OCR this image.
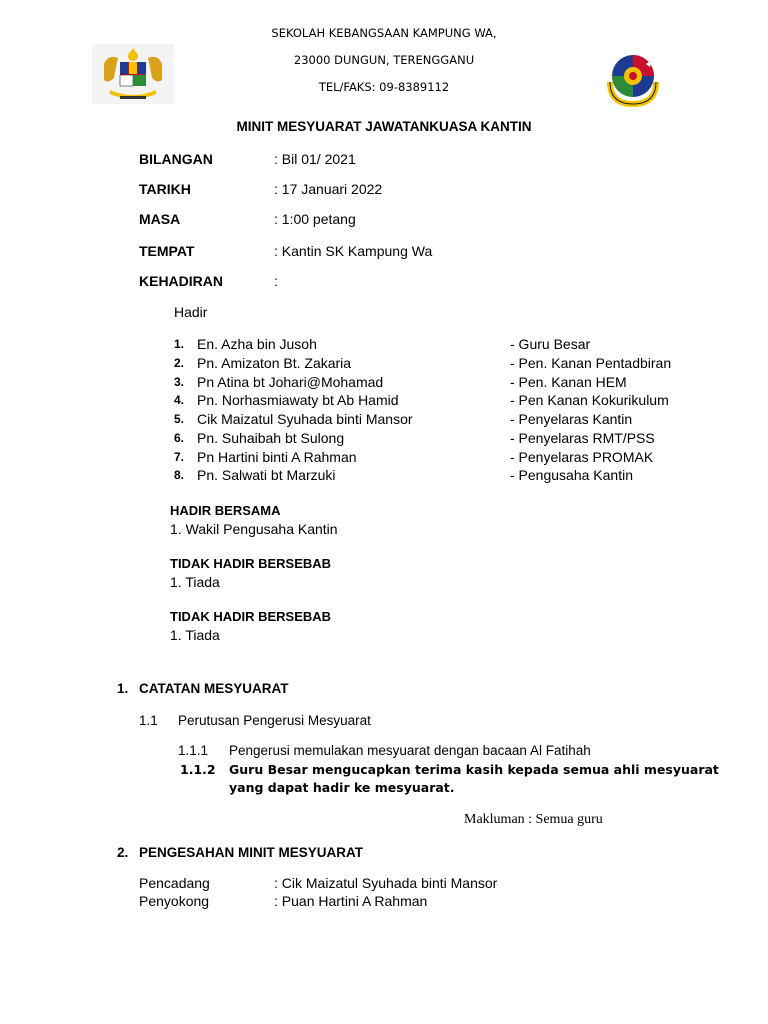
SEKOLAH KEBANGSAAN KAMPUNG WA,
23000 DUNGUN, TERENGGANU
TEL/FAKS: 09-8389112
MINIT MESYUARAT JAWATANKUASA KANTIN
BILANGAN	: Bil 01/ 2021
TARIKH	: 17 Januari 2022
MASA	: 1:00 petang
TEMPAT	: Kantin SK Kampung Wa
KEHADIRAN	:
Hadir
1. En. Azha bin Jusoh	- Guru Besar
2. Pn. Amizaton Bt. Zakaria	- Pen. Kanan Pentadbiran
3. Pn Atina bt Johari@Mohamad	- Pen. Kanan HEM
4. Pn. Norhasmiawaty bt Ab Hamid	- Pen Kanan Kokurikulum
5. Cik Maizatul Syuhada binti Mansor	- Penyelaras Kantin
6. Pn. Suhaibah bt Sulong	- Penyelaras RMT/PSS
7. Pn Hartini binti A Rahman	- Penyelaras PROMAK
8. Pn. Salwati bt Marzuki	- Pengusaha Kantin
HADIR BERSAMA
1. Wakil Pengusaha Kantin
TIDAK HADIR BERSEBAB
1. Tiada
TIDAK HADIR BERSEBAB
1. Tiada
1. CATATAN MESYUARAT
1.1 Perutusan Pengerusi Mesyuarat
1.1.1 Pengerusi memulakan mesyuarat dengan bacaan Al Fatihah
1.1.2 Guru Besar mengucapkan terima kasih kepada semua ahli mesyuarat
yang dapat hadir ke mesyuarat.
Makluman : Semua guru
2. PENGESAHAN MINIT MESYUARAT
Pencadang	: Cik Maizatul Syuhada binti Mansor
Penyokong	: Puan Hartini A Rahman
